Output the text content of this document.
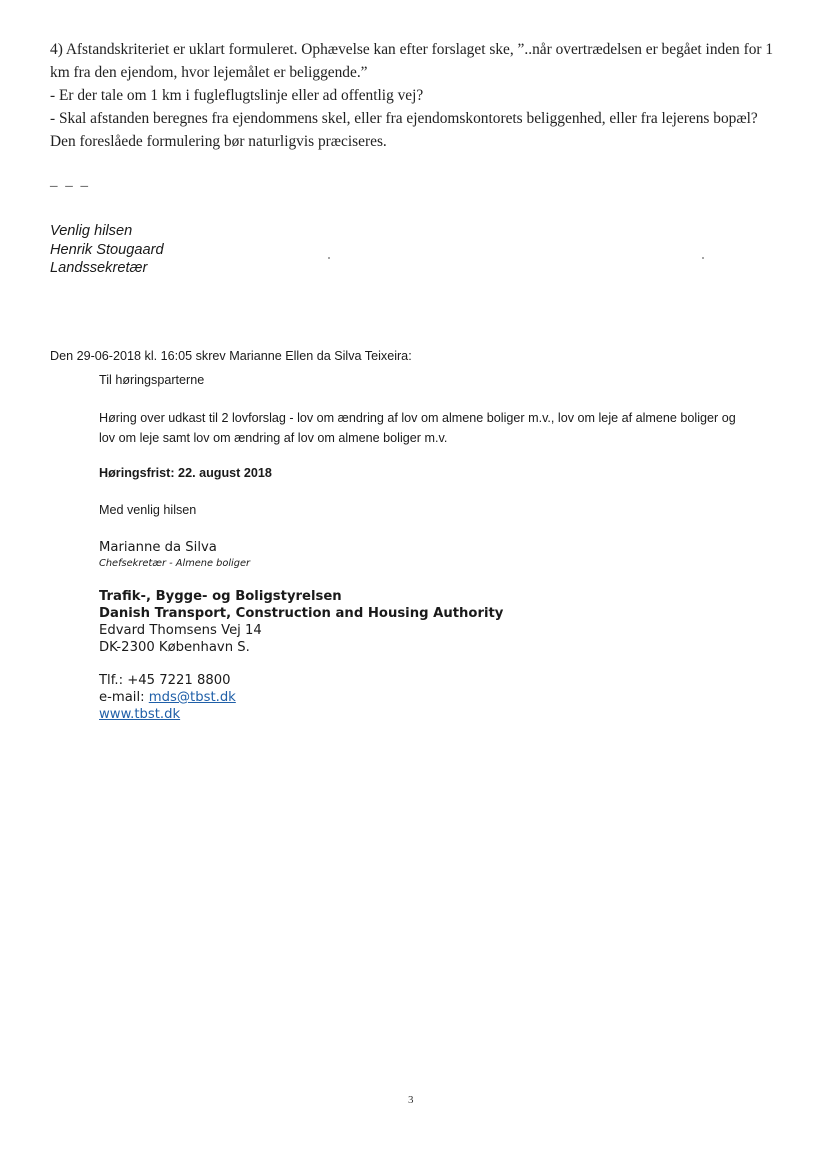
4) Afstandskriteriet er uklart formuleret. Ophævelse kan efter forslaget ske, ”..når overtrædelsen er begået inden for 1 km fra den ejendom, hvor lejemålet er beliggende.”

- Er der tale om 1 km i fugleflugtslinje eller ad offentlig vej?

- Skal afstanden beregnes fra ejendommens skel, eller fra ejendomskontorets beliggenhed, eller fra lejerens bopæl?

Den foreslåede formulering bør naturligvis præciseres.

– – –
Venlig hilsen
Henrik Stougaard
Landssekretær
Den 29-06-2018 kl. 16:05 skrev Marianne Ellen da Silva Teixeira:
Til høringsparterne
Høring over udkast til 2 lovforslag - lov om ændring af lov om almene boliger m.v., lov om leje af almene boliger og lov om leje samt lov om ændring af lov om almene boliger m.v.
Høringsfrist: 22. august 2018
Med venlig hilsen
Marianne da Silva
Chefsekretær - Almene boliger
Trafik-, Bygge- og Boligstyrelsen
Danish Transport, Construction and Housing Authority
Edvard Thomsens Vej 14
DK-2300 København S.
Tlf.: +45 7221 8800
e-mail: mds@tbst.dk
www.tbst.dk
3
